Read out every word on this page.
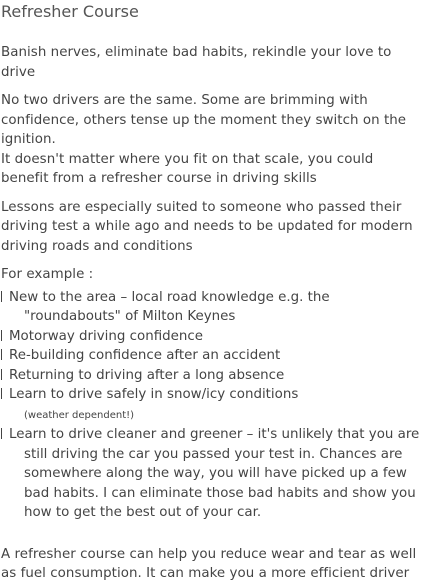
Refresher Course

Banish nerves, eliminate bad habits, rekindle your love to drive

No two drivers are the same. Some are brimming with confidence, others tense up the moment they switch on the ignition.

It doesn't matter where you fit on that scale, you could benefit from a refresher course in driving skills

Lessons are especially suited to someone who passed their driving test a while ago and needs to be updated for modern driving roads and conditions

For example :

New to the area – local road knowledge e.g. the "roundabouts" of Milton Keynes
Motorway driving confidence
Re-building confidence after an accident
Returning to driving after a long absence
Learn to drive safely in snow/icy conditions
(weather dependent!)
Learn to drive cleaner and greener – it's unlikely that you are still driving the car you passed your test in. Chances are somewhere along the way, you will have picked up a few bad habits. I can eliminate those bad habits and show you how to get the best out of your car.

A refresher course can help you reduce wear and tear as well as fuel consumption. It can make you a more efficient driver
